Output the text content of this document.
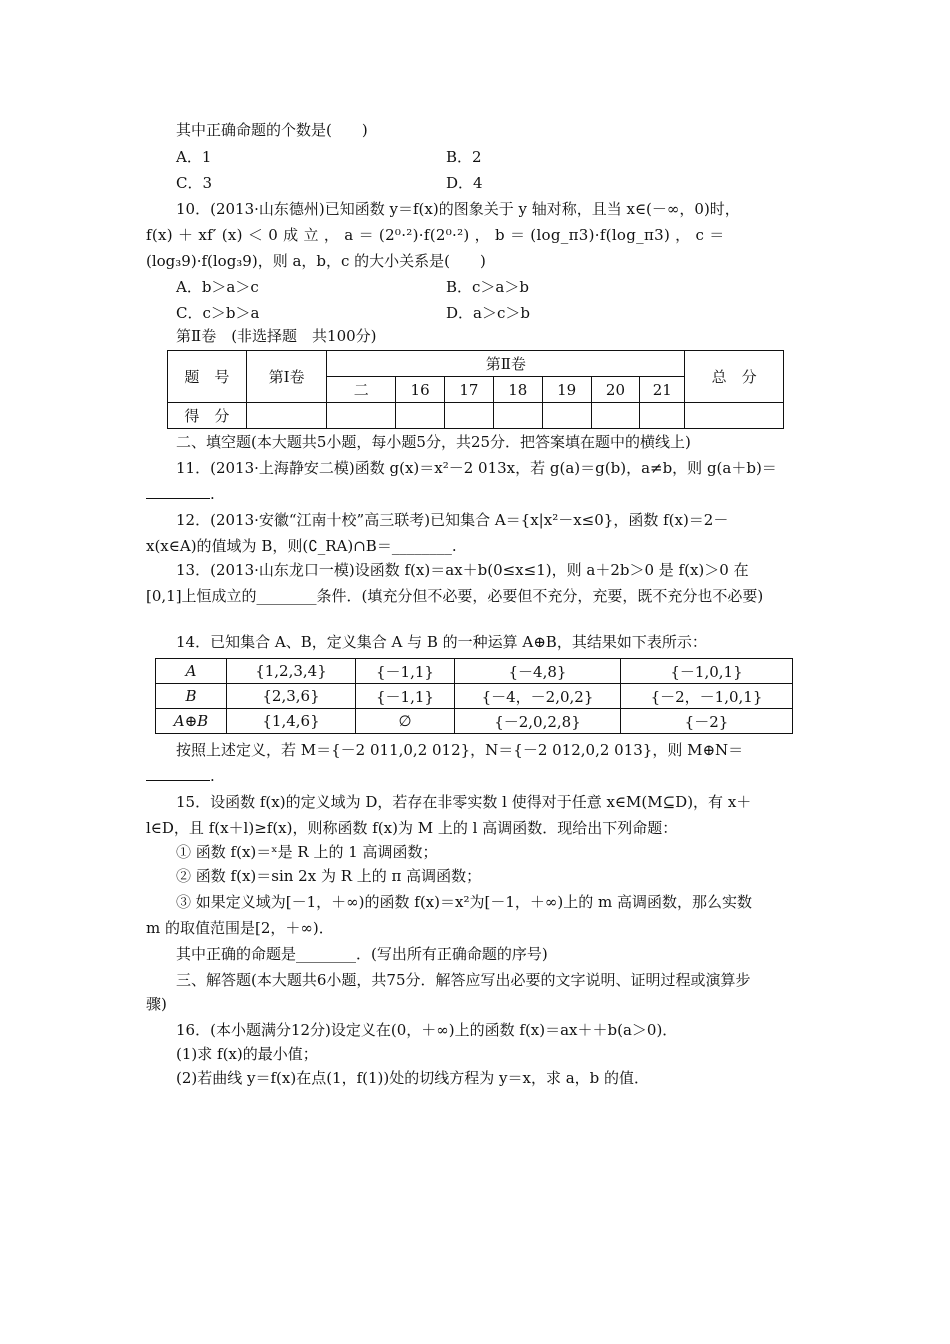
其中正确命题的个数是(　　)
A．1	B．2
C．3	D．4
10．(2013·山东德州)已知函数 y＝f(x)的图象关于 y 轴对称，且当 x∈(－∞，0)时，
f(x) ＋ xf′ (x) ＜ 0 成 立 ， a ＝ (2⁰·²)·f(2⁰·²) ， b ＝ (log_π3)·f(log_π3) ， c ＝
(log₃9)·f(log₃9)，则 a，b，c 的大小关系是(　　)
A．b＞a＞c	B．c＞a＞b
C．c＞b＞a	D．a＞c＞b
第Ⅱ卷　(非选择题　共100分)
题　号	第Ⅰ卷	第Ⅱ卷							总　分
		二	16	17	18	19	20	21	
得　分									
二、填空题(本大题共5小题，每小题5分，共25分．把答案填在题中的横线上)
11．(2013·上海静安二模)函数 g(x)＝x²－2 013x，若 g(a)＝g(b)，a≠b，则 g(a＋b)＝
.
12．(2013·安徽“江南十校”高三联考)已知集合 A＝{x|x²－x≤0}，函数 f(x)＝2－
x(x∈A)的值域为 B，则(∁_RA)∩B＝________.
13．(2013·山东龙口一模)设函数 f(x)＝ax＋b(0≤x≤1)，则 a＋2b＞0 是 f(x)＞0 在
[0,1]上恒成立的________条件．(填充分但不必要，必要但不充分，充要，既不充分也不必要)
14．已知集合 A、B，定义集合 A 与 B 的一种运算 A⊕B，其结果如下表所示：
A	{1,2,3,4}	{－1,1}	{－4,8}	{－1,0,1}
B	{2,3,6}	{－1,1}	{－4，－2,0,2}	{－2，－1,0,1}
A⊕B	{1,4,6}	∅	{－2,0,2,8}	{－2}
按照上述定义，若 M＝{－2 011,0,2 012}，N＝{－2 012,0,2 013}，则 M⊕N＝
.
15．设函数 f(x)的定义域为 D，若存在非零实数 l 使得对于任意 x∈M(M⊆D)，有 x＋
l∈D，且 f(x＋l)≥f(x)，则称函数 f(x)为 M 上的 l 高调函数．现给出下列命题：
① 函数 f(x)＝ˣ是 R 上的 1 高调函数；
② 函数 f(x)＝sin 2x 为 R 上的 π 高调函数；
③ 如果定义域为[－1，＋∞)的函数 f(x)＝x²为[－1，＋∞)上的 m 高调函数，那么实数
m 的取值范围是[2，＋∞)．
其中正确的命题是________．(写出所有正确命题的序号)
三、解答题(本大题共6小题，共75分．解答应写出必要的文字说明、证明过程或演算步
骤)
16．(本小题满分12分)设定义在(0，＋∞)上的函数 f(x)＝ax＋＋b(a＞0)．
(1)求 f(x)的最小值；
(2)若曲线 y＝f(x)在点(1，f(1))处的切线方程为 y＝x，求 a，b 的值．
